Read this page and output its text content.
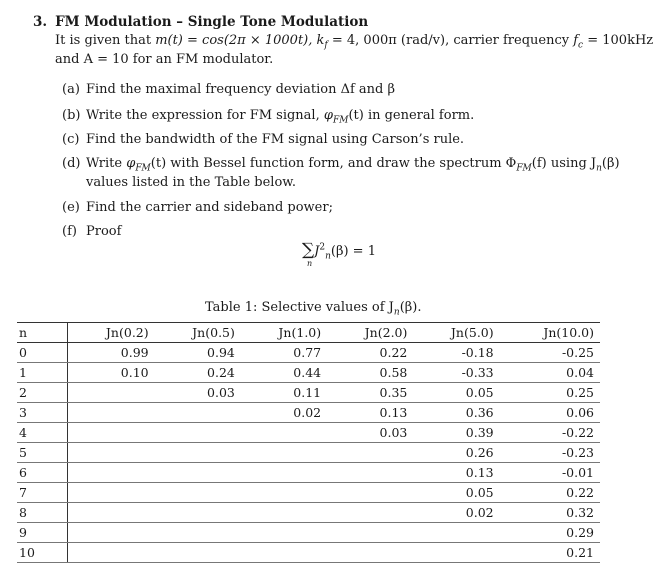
3. FM Modulation – Single Tone Modulation
It is given that m(t) = cos(2π × 1000t), $k_f = 4$, 000π (rad/v), carrier frequency $f_c = 100kHz$
and A = 10 for an FM modulator.
(a) Find the maximal frequency deviation Δf and β
(b) Write the expression for FM signal, $\varphi_{FM}(t)$ in general form.
(c) Find the bandwidth of the FM signal using Carson’s rule.
(d) Write $\varphi_{FM}(t)$ with Bessel function form, and draw the spectrum $\Phi_{FM}(f)$ using $J_n(\beta)$
values listed in the Table below.
(e) Find the carrier and sideband power;
(f) Proof
$\sum J^2_n(\beta) = 1$
n
Table 1: Selective values of $J_n(\beta)$.
n	Jn(0.2)	Jn(0.5)	Jn(1.0)	Jn(2.0)	Jn(5.0)	Jn(10.0)
0	0.99	0.94	0.77	0.22	-0.18	-0.25
1	0.10	0.24	0.44	0.58	-0.33	0.04
2		0.03	0.11	0.35	0.05	0.25
3			0.02	0.13	0.36	0.06
4				0.03	0.39	-0.22
5					0.26	-0.23
6					0.13	-0.01
7					0.05	0.22
8					0.02	0.32
9						0.29
10						0.21
